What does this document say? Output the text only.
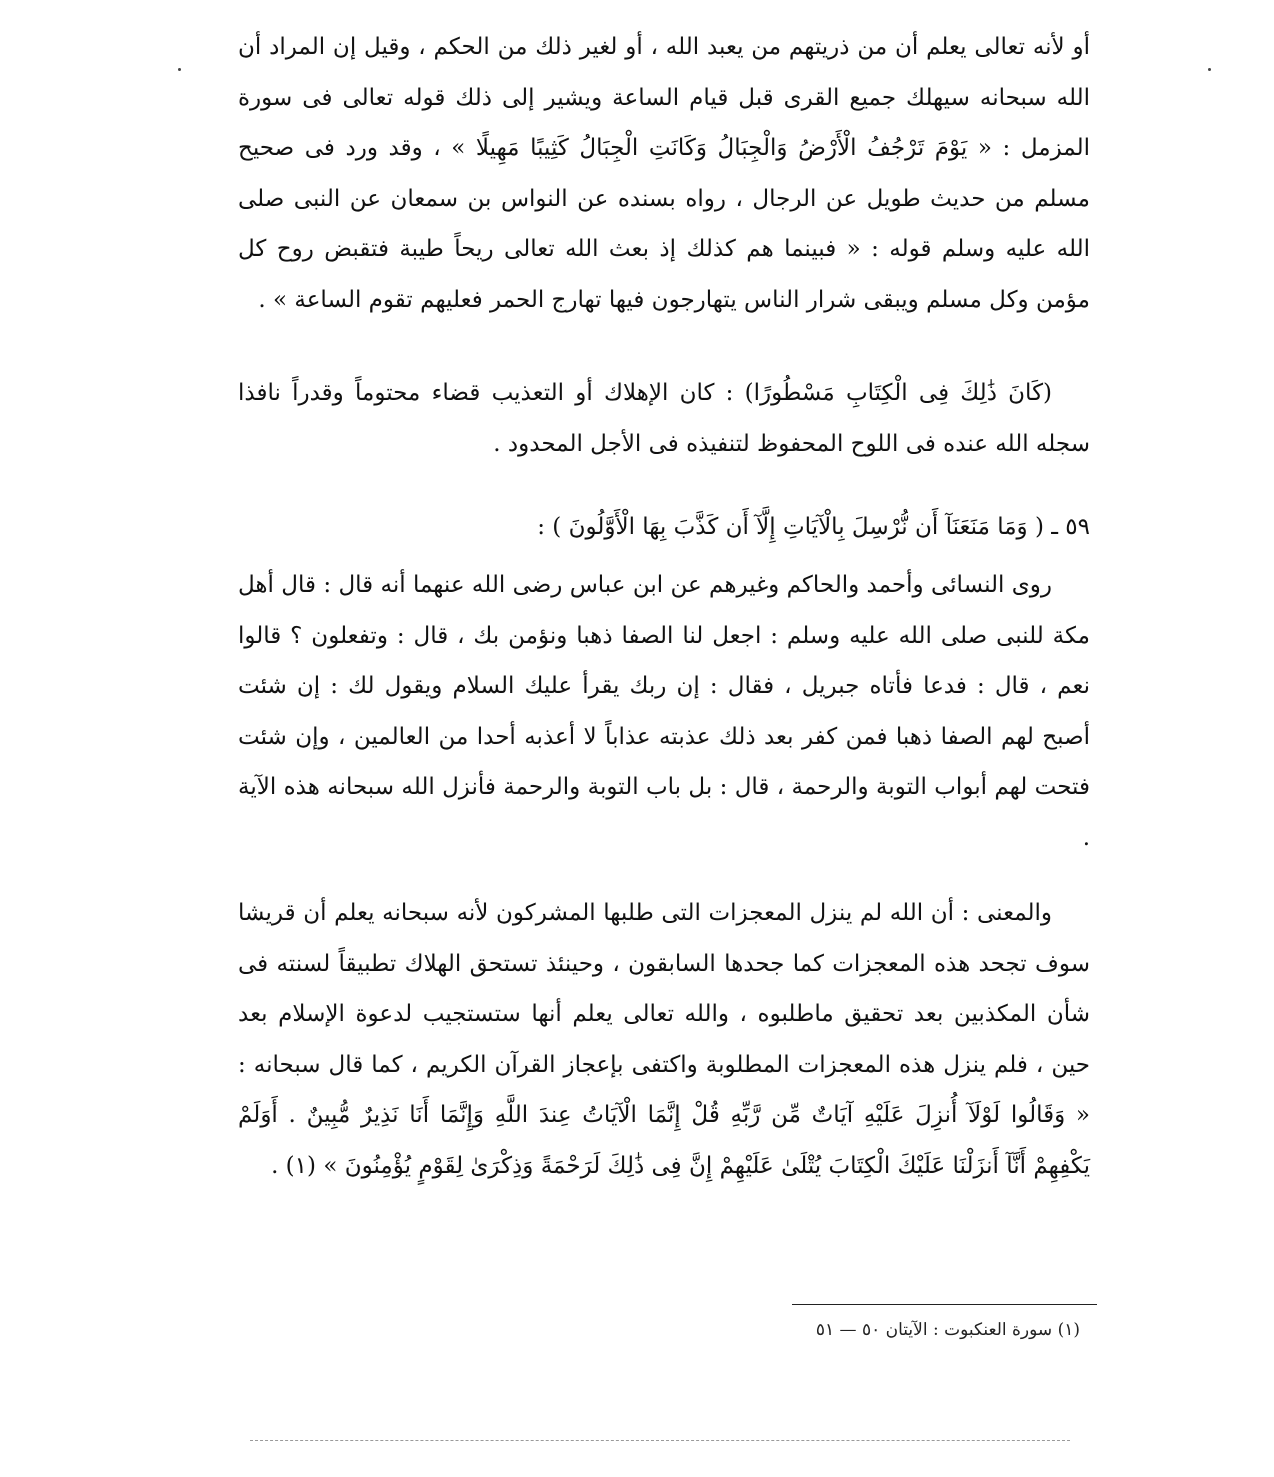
أو لأنه تعالى يعلم أن من ذريتهم من يعبد الله ، أو لغير ذلك من الحكم ، وقيل إن المراد أن الله سبحانه سيهلك جميع القرى قبل قيام الساعة ويشير إلى ذلك قوله تعالى فى سورة المزمل : « يَوْمَ تَرْجُفُ الْأَرْضُ وَالْجِبَالُ وَكَانَتِ الْجِبَالُ كَثِيبًا مَهِيلًا » ، وقد ورد فى صحيح مسلم من حديث طويل عن الرجال ، رواه بسنده عن النواس بن سمعان عن النبى صلى الله عليه وسلم قوله : « فبينما هم كذلك إذ بعث الله تعالى ريحاً طيبة فتقبض روح كل مؤمن وكل مسلم ويبقى شرار الناس يتهارجون فيها تهارج الحمر فعليهم تقوم الساعة » .
(كَانَ ذَٰلِكَ فِى الْكِتَابِ مَسْطُورًا) : كان الإهلاك أو التعذيب قضاء محتوماً وقدراً نافذا سجله الله عنده فى اللوح المحفوظ لتنفيذه فى الأجل المحدود .
٥٩ ـ ( وَمَا مَنَعَنَآ أَن نُّرْسِلَ بِالْآيَاتِ إِلَّآ أَن كَذَّبَ بِهَا الْأَوَّلُونَ ) :
روى النسائى وأحمد والحاكم وغيرهم عن ابن عباس رضى الله عنهما أنه قال : قال أهل مكة للنبى صلى الله عليه وسلم : اجعل لنا الصفا ذهبا ونؤمن بك ، قال : وتفعلون ؟ قالوا نعم ، قال : فدعا فأتاه جبريل ، فقال : إن ربك يقرأ عليك السلام ويقول لك : إن شئت أصبح لهم الصفا ذهبا فمن كفر بعد ذلك عذبته عذاباً لا أعذبه أحدا من العالمين ، وإن شئت فتحت لهم أبواب التوبة والرحمة ، قال : بل باب التوبة والرحمة فأنزل الله سبحانه هذه الآية .
والمعنى : أن الله لم ينزل المعجزات التى طلبها المشركون لأنه سبحانه يعلم أن قريشا سوف تجحد هذه المعجزات كما جحدها السابقون ، وحينئذ تستحق الهلاك تطبيقاً لسنته فى شأن المكذبين بعد تحقيق ماطلبوه ، والله تعالى يعلم أنها ستستجيب لدعوة الإسلام بعد حين ، فلم ينزل هذه المعجزات المطلوبة واكتفى بإعجاز القرآن الكريم ، كما قال سبحانه : « وَقَالُوا لَوْلَآ أُنزِلَ عَلَيْهِ آيَاتٌ مِّن رَّبِّهِ قُلْ إِنَّمَا الْآيَاتُ عِندَ اللَّهِ وَإِنَّمَا أَنَا نَذِيرٌ مُّبِينٌ . أَوَلَمْ يَكْفِهِمْ أَنَّآ أَنزَلْنَا عَلَيْكَ الْكِتَابَ يُتْلَىٰ عَلَيْهِمْ إِنَّ فِى ذَٰلِكَ لَرَحْمَةً وَذِكْرَىٰ لِقَوْمٍ يُؤْمِنُونَ » (١) .
(١) سورة العنكبوت : الآيتان ٥٠ — ٥١
